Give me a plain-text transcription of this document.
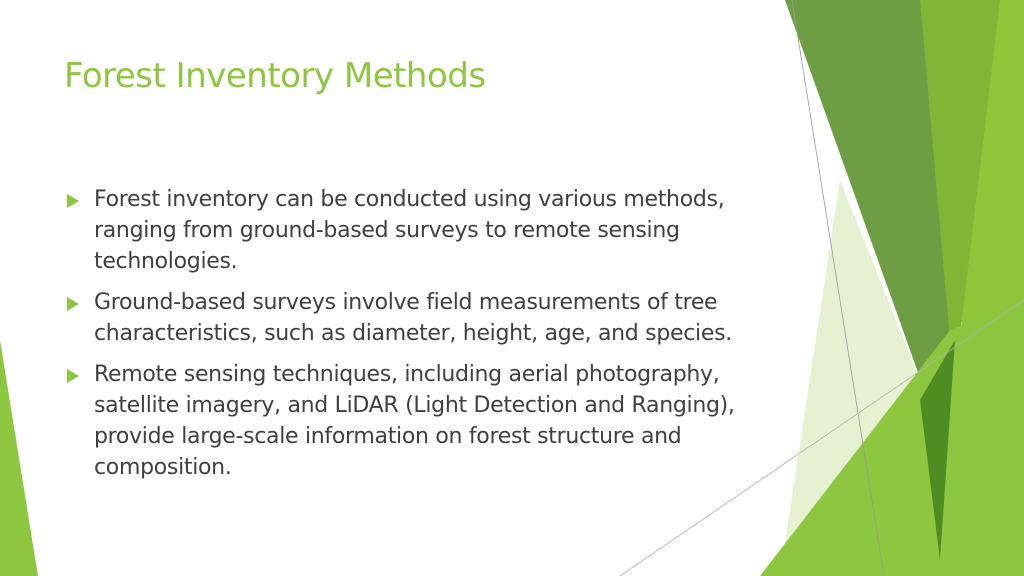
Forest Inventory Methods
Forest inventory can be conducted using various methods, ranging from ground-based surveys to remote sensing technologies.
Ground-based surveys involve field measurements of tree characteristics, such as diameter, height, age, and species.
Remote sensing techniques, including aerial photography, satellite imagery, and LiDAR (Light Detection and Ranging), provide large-scale information on forest structure and composition.
